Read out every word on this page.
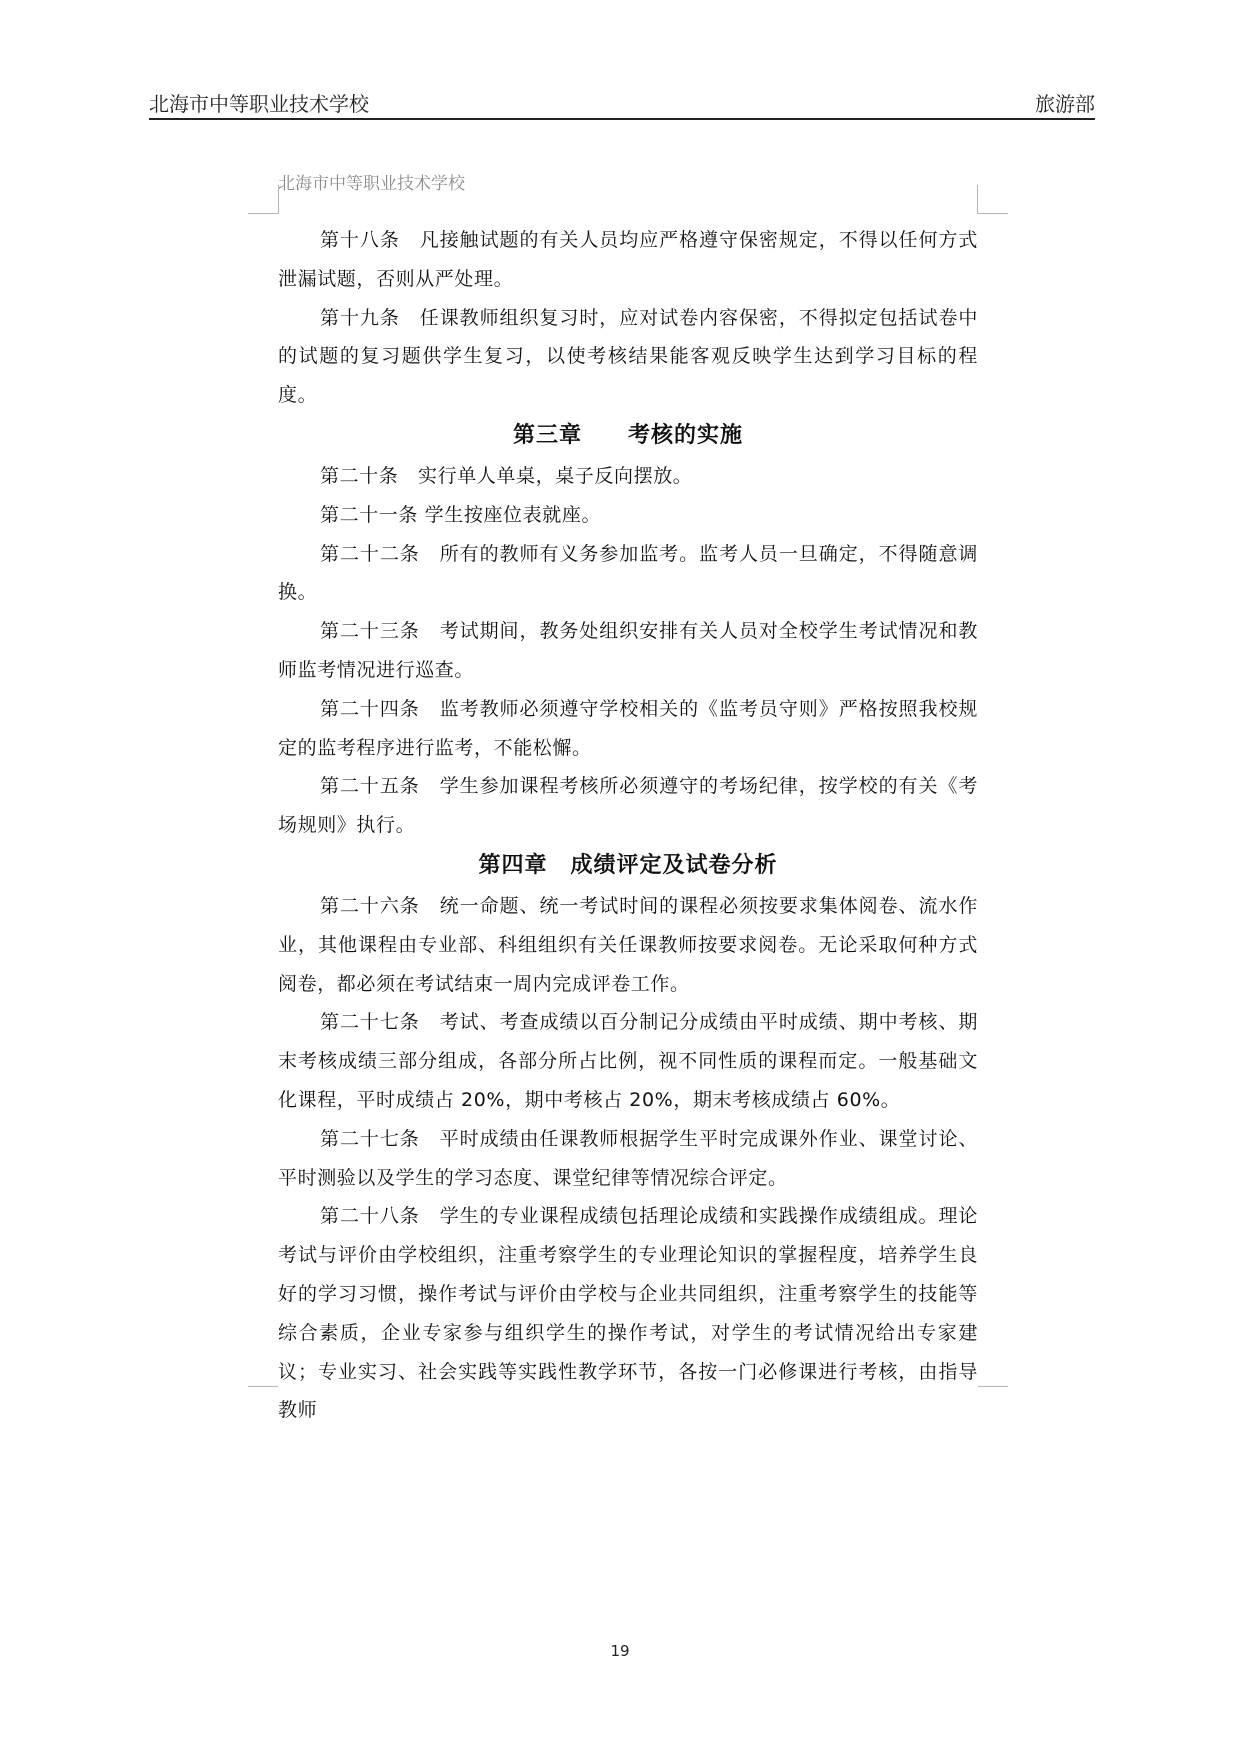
北海市中等职业技术学校	旅游部
北海市中等职业技术学校

第十八条　凡接触试题的有关人员均应严格遵守保密规定，不得以任何方式泄漏试题，否则从严处理。

第十九条　任课教师组织复习时，应对试卷内容保密，不得拟定包括试卷中的试题的复习题供学生复习，以使考核结果能客观反映学生达到学习目标的程度。

第三章　　考核的实施

第二十条　实行单人单桌，桌子反向摆放。

第二十一条 学生按座位表就座。

第二十二条　所有的教师有义务参加监考。监考人员一旦确定，不得随意调换。

第二十三条　考试期间，教务处组织安排有关人员对全校学生考试情况和教师监考情况进行巡查。

第二十四条　监考教师必须遵守学校相关的《监考员守则》严格按照我校规定的监考程序进行监考，不能松懈。

第二十五条　学生参加课程考核所必须遵守的考场纪律，按学校的有关《考场规则》执行。

第四章　成绩评定及试卷分析

第二十六条　统一命题、统一考试时间的课程必须按要求集体阅卷、流水作业，其他课程由专业部、科组组织有关任课教师按要求阅卷。无论采取何种方式阅卷，都必须在考试结束一周内完成评卷工作。

第二十七条　考试、考查成绩以百分制记分成绩由平时成绩、期中考核、期末考核成绩三部分组成，各部分所占比例，视不同性质的课程而定。一般基础文化课程，平时成绩占 20%，期中考核占 20%，期末考核成绩占 60%。

第二十七条　平时成绩由任课教师根据学生平时完成课外作业、课堂讨论、平时测验以及学生的学习态度、课堂纪律等情况综合评定。

第二十八条　学生的专业课程成绩包括理论成绩和实践操作成绩组成。理论考试与评价由学校组织，注重考察学生的专业理论知识的掌握程度，培养学生良好的学习习惯，操作考试与评价由学校与企业共同组织，注重考察学生的技能等综合素质，企业专家参与组织学生的操作考试，对学生的考试情况给出专家建议；专业实习、社会实践等实践性教学环节，各按一门必修课进行考核，由指导教师

19
